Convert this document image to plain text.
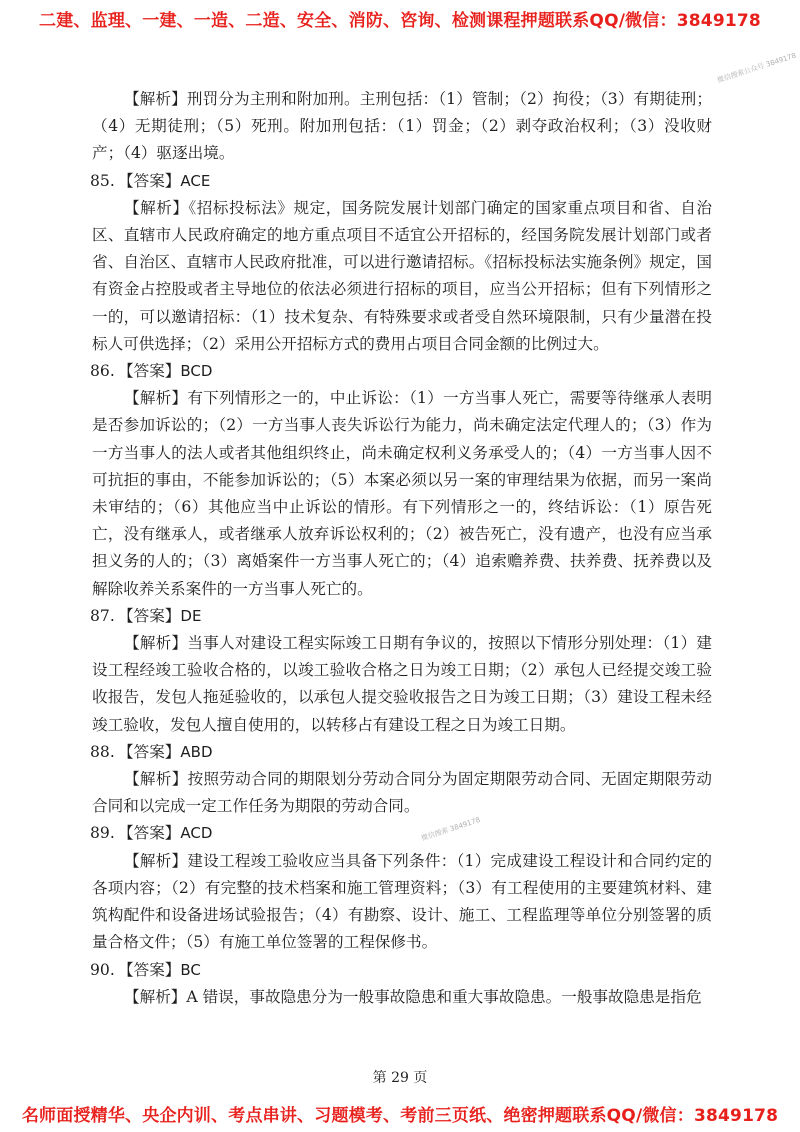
二建、监理、一建、一造、二造、安全、消防、咨询、检测课程押题联系QQ/微信：3849178
微信搜索公众号 3849178

【解析】刑罚分为主刑和附加刑。主刑包括：（1）管制；（2）拘役；（3）有期徒刑；（4）无期徒刑；（5）死刑。附加刑包括：（1）罚金；（2）剥夺政治权利；（3）没收财产；（4）驱逐出境。

85. 【答案】ACE

【解析】《招标投标法》规定，国务院发展计划部门确定的国家重点项目和省、自治区、直辖市人民政府确定的地方重点项目不适宜公开招标的，经国务院发展计划部门或者省、自治区、直辖市人民政府批准，可以进行邀请招标。《招标投标法实施条例》规定，国有资金占控股或者主导地位的依法必须进行招标的项目，应当公开招标；但有下列情形之一的，可以邀请招标：（1）技术复杂、有特殊要求或者受自然环境限制，只有少量潜在投标人可供选择；（2）采用公开招标方式的费用占项目合同金额的比例过大。

86. 【答案】BCD

【解析】有下列情形之一的，中止诉讼：（1）一方当事人死亡，需要等待继承人表明是否参加诉讼的；（2）一方当事人丧失诉讼行为能力，尚未确定法定代理人的；（3）作为一方当事人的法人或者其他组织终止，尚未确定权利义务承受人的；（4）一方当事人因不可抗拒的事由，不能参加诉讼的；（5）本案必须以另一案的审理结果为依据，而另一案尚未审结的；（6）其他应当中止诉讼的情形。有下列情形之一的，终结诉讼：（1）原告死亡，没有继承人，或者继承人放弃诉讼权利的；（2）被告死亡，没有遗产，也没有应当承担义务的人的；（3）离婚案件一方当事人死亡的；（4）追索赡养费、扶养费、抚养费以及解除收养关系案件的一方当事人死亡的。

87. 【答案】DE

【解析】当事人对建设工程实际竣工日期有争议的，按照以下情形分别处理：（1）建设工程经竣工验收合格的，以竣工验收合格之日为竣工日期；（2）承包人已经提交竣工验收报告，发包人拖延验收的，以承包人提交验收报告之日为竣工日期；（3）建设工程未经竣工验收，发包人擅自使用的，以转移占有建设工程之日为竣工日期。

88. 【答案】ABD

【解析】按照劳动合同的期限划分劳动合同分为固定期限劳动合同、无固定期限劳动合同和以完成一定工作任务为期限的劳动合同。

89. 【答案】ACD

【解析】建设工程竣工验收应当具备下列条件：（1）完成建设工程设计和合同约定的各项内容；（2）有完整的技术档案和施工管理资料；（3）有工程使用的主要建筑材料、建筑构配件和设备进场试验报告；（4）有勘察、设计、施工、工程监理等单位分别签署的质量合格文件；（5）有施工单位签署的工程保修书。

90. 【答案】BC

【解析】A 错误，事故隐患分为一般事故隐患和重大事故隐患。一般事故隐患是指危

微信搜索 3849178
第 29 页
名师面授精华、央企内训、考点串讲、习题模考、考前三页纸、绝密押题联系QQ/微信：3849178
